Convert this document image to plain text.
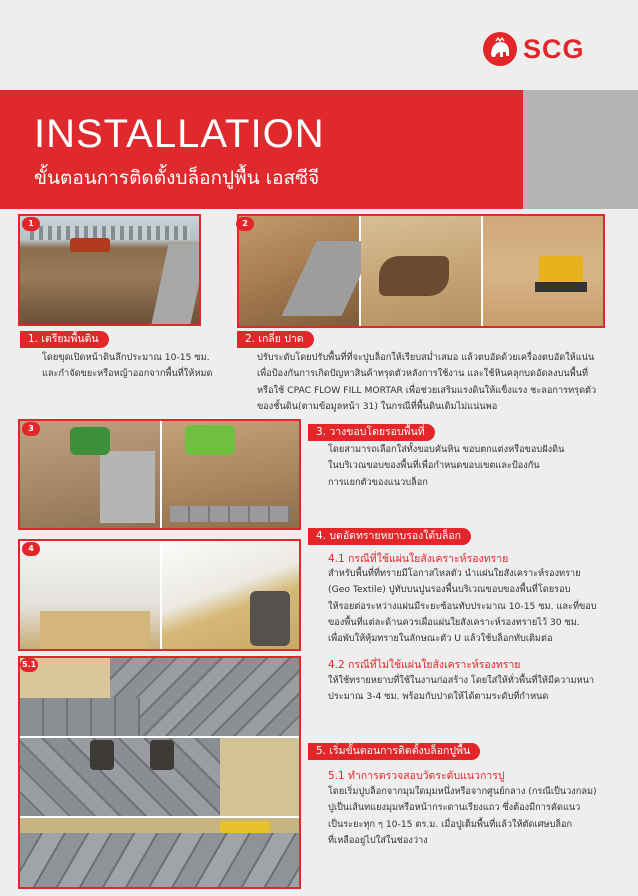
SCG
INSTALLATION
ขั้นตอนการติดตั้งบล็อกปูพื้น เอสซีจี
1	2
1. เตรียมพื้นดิน
โดยขุดเปิดหน้าดินลึกประมาณ 10-15 ซม.
และกำจัดขยะหรือหญ้าออกจากพื้นที่ให้หมด
2. เกลี่ย ปาด
ปรับระดับโดยปรับพื้นที่ที่จะปูบล็อกให้เรียบสม่ำเสมอ แล้วตบอัดด้วยเครื่องตบอัดให้แน่น
เพื่อป้องกันการเกิดปัญหาสินค้าทรุดตัวหลังการใช้งาน และใช้หินคลุกบดอัดลงบนพื้นที่
หรือใช้ CPAC FLOW FILL MORTAR เพื่อช่วยเสริมแรงดินให้แข็งแรง ชะลอการทรุดตัว
ของชั้นดิน(ตามข้อมูลหน้า 31) ในกรณีที่พื้นดินเดิมไม่แน่นพอ
3	3. วางขอบโดยรอบพื้นที่
โดยสามารถเลือกใส่ทั้งขอบคันหิน ขอบตกแต่งหรือขอบฝังดิน
ในบริเวณขอบของพื้นที่เพื่อกำหนดขอบเขตและป้องกัน
การแยกตัวของแนวบล็อก
4
4. บดอัดทรายหยาบรองใต้บล็อก
4.1 กรณีที่ใช้แผ่นใยสังเคราะห์รองทราย
สำหรับพื้นที่ที่ทรายมีโอกาสไหลตัว นำแผ่นใยสังเคราะห์รองทราย
(Geo Textile) ปูทับบนปูนรองพื้นบริเวณขอบของพื้นที่โดยรอบ
ให้รอยต่อระหว่างแผ่นมีระยะซ้อนทับประมาณ 10-15 ซม. และที่ขอบ
ของพื้นที่แต่ละด้านควรเผื่อแผ่นใยสังเคราะห์รองทรายไว้ 30 ซม.
เพื่อพับให้หุ้มทรายในลักษณะตัว U แล้วใช้บล็อกทับเติมต่อ
4.2 กรณีที่ไม่ใช้แผ่นใยสังเคราะห์รองทราย
ให้ใช้ทรายหยาบที่ใช้ในงานก่อสร้าง โดยใส่ให้ทั่วพื้นที่ให้มีความหนา
ประมาณ 3-4 ซม. พร้อมกับปาดให้ได้ตามระดับที่กำหนด
5.1
5. เริ่มขั้นตอนการติดตั้งบล็อกปูพื้น
5.1 ทำการตรวจสอบวัดระดับแนวการปู
โดยเริ่มปูบล็อกจากมุมใดมุมหนึ่งหรือจากศูนย์กลาง (กรณีเป็นวงกลม)
ปูเป็นเส้นทแยงมุมหรือหน้ากระดานเรียงแถว ซึ่งต้องมีการคัดแนว
เป็นระยะทุก ๆ 10-15 ตร.ม. เมื่อปูเต็มพื้นที่แล้วให้ตัดเศษบล็อก
ที่เหลืออยู่ไปใส่ในช่องว่าง
